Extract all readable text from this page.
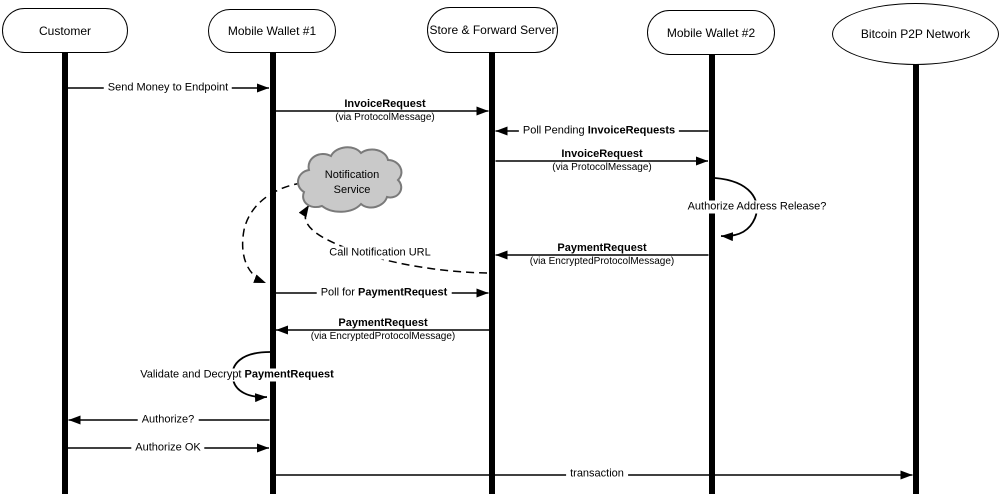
Customer	Mobile Wallet #1	Store & Forward Server	Mobile Wallet #2	Bitcoin P2P Network
Notification
Service
Send Money to Endpoint
Poll Pending InvoiceRequests
Authorize Address Release?
Call Notification URL
Poll for PaymentRequest
Validate and Decrypt PaymentRequest
Authorize?
Authorize OK
transaction
InvoiceRequest
(via ProtocolMessage)
InvoiceRequest
(via ProtocolMessage)
PaymentRequest
(via EncryptedProtocolMessage)
PaymentRequest
(via EncryptedProtocolMessage)
